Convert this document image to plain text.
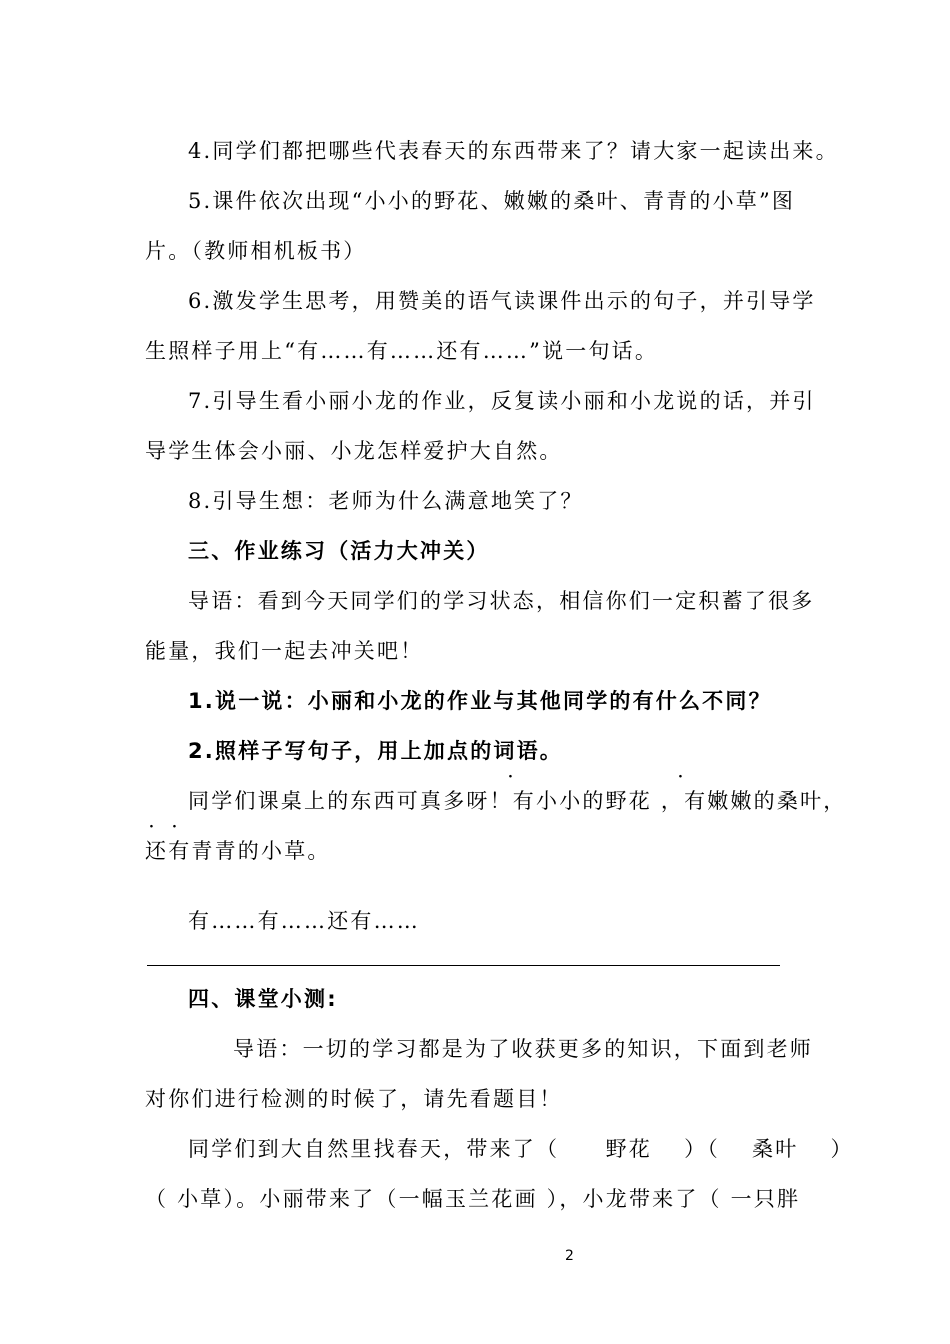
4.同学们都把哪些代表春天的东西带来了？请大家一起读出来。
5.课件依次出现“小小的野花、嫩嫩的桑叶、青青的小草”图
片。（教师相机板书）
6.激发学生思考，用赞美的语气读课件出示的句子，并引导学
生照样子用上“有……有……还有……”说一句话。
7.引导生看小丽小龙的作业，反复读小丽和小龙说的话，并引
导学生体会小丽、小龙怎样爱护大自然。
8.引导生想：老师为什么满意地笑了？
三、作业练习（活力大冲关）
导语：看到今天同学们的学习状态，相信你们一定积蓄了很多
能量，我们一起去冲关吧！
1.说一说：小丽和小龙的作业与其他同学的有什么不同？
2.照样子写句子，用上加点的词语。
·	·
同学们课桌上的东西可真多呀！有小小的野花 ，有嫩嫩的桑叶，
· ·
还有青青的小草。
有……有……还有……
四、课堂小测:
导语：一切的学习都是为了收获更多的知识，下面到老师
对你们进行检测的时候了，请先看题目！
同学们到大自然里找春天，带来了（　　野花　 ）（　 桑叶　 ）
（ 小草）。小丽带来了（一幅玉兰花画 ），小龙带来了（ 一只胖
2
